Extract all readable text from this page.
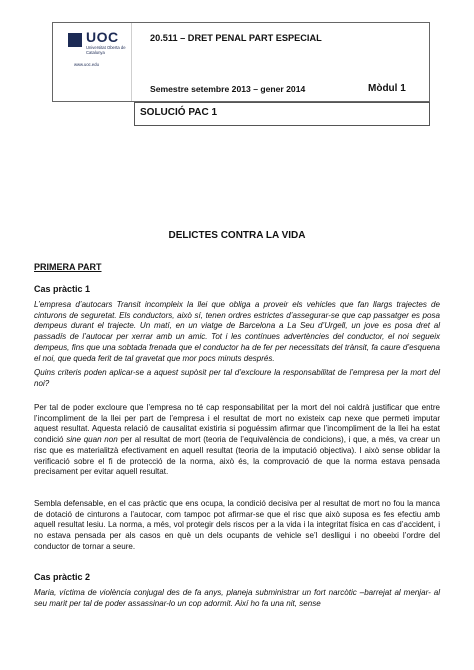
UOC
Universitat Oberta de Catalunya
www.uoc.edu
20.511 – DRET PENAL PART ESPECIAL
Semestre setembre 2013 – gener 2014	Mòdul 1
SOLUCIÓ PAC 1
DELICTES CONTRA LA VIDA
PRIMERA PART
Cas pràctic 1

L’empresa d’autocars Transit incompleix la llei que obliga a proveir els vehicles que fan llargs trajectes de cinturons de seguretat. Els conductors, això sí, tenen ordres estrictes d’assegurar-se que cap passatger es posa dempeus durant el trajecte. Un matí, en un viatge de Barcelona a La Seu d’Urgell, un jove es posa dret al passadís de l’autocar per xerrar amb un amic. Tot i les contínues advertències del conductor, el noi segueix dempeus, fins que una sobtada frenada que el conductor ha de fer per necessitats del trànsit, fa caure d’esquena el noi, que queda ferit de tal gravetat que mor pocs minuts després.

Quins criteris poden aplicar-se a aquest supòsit per tal d’excloure la responsabilitat de l’empresa per la mort del noi?

Per tal de poder excloure que l’empresa no té cap responsabilitat per la mort del noi caldrà justificar que entre l’incompliment de la llei per part de l’empresa i el resultat de mort no existeix cap nexe que permeti imputar aquest resultat. Aquesta relació de causalitat existiria si poguéssim afirmar que l’incompliment de la llei ha estat condició sine quan non per al resultat de mort (teoria de l’equivalència de condicions), i que, a més, va crear un risc que es materialitzà efectivament en aquell resultat (teoria de la imputació objectiva). I això sense oblidar la verificació sobre el fi de protecció de la norma, això és, la comprovació de que la norma estava pensada precisament per evitar aquell resultat.

Sembla defensable, en el cas pràctic que ens ocupa, la condició decisiva per al resultat de mort no fou la manca de dotació de cinturons a l’autocar, com tampoc pot afirmar-se que el risc que això suposa es fes efectiu amb aquell resultat lesiu. La norma, a més, vol protegir dels riscos per a la vida i la integritat física en cas d’accident, i no estava pensada per als casos en què un dels ocupants de vehicle se’l deslligui i no obeeixi l’ordre del conductor de tornar a seure.

Cas pràctic 2

Maria, víctima de violència conjugal des de fa anys, planeja subministrar un fort narcòtic –barrejat al menjar- al seu marit per tal de poder assassinar-lo un cop adormit. Així ho fa una nit, sense
